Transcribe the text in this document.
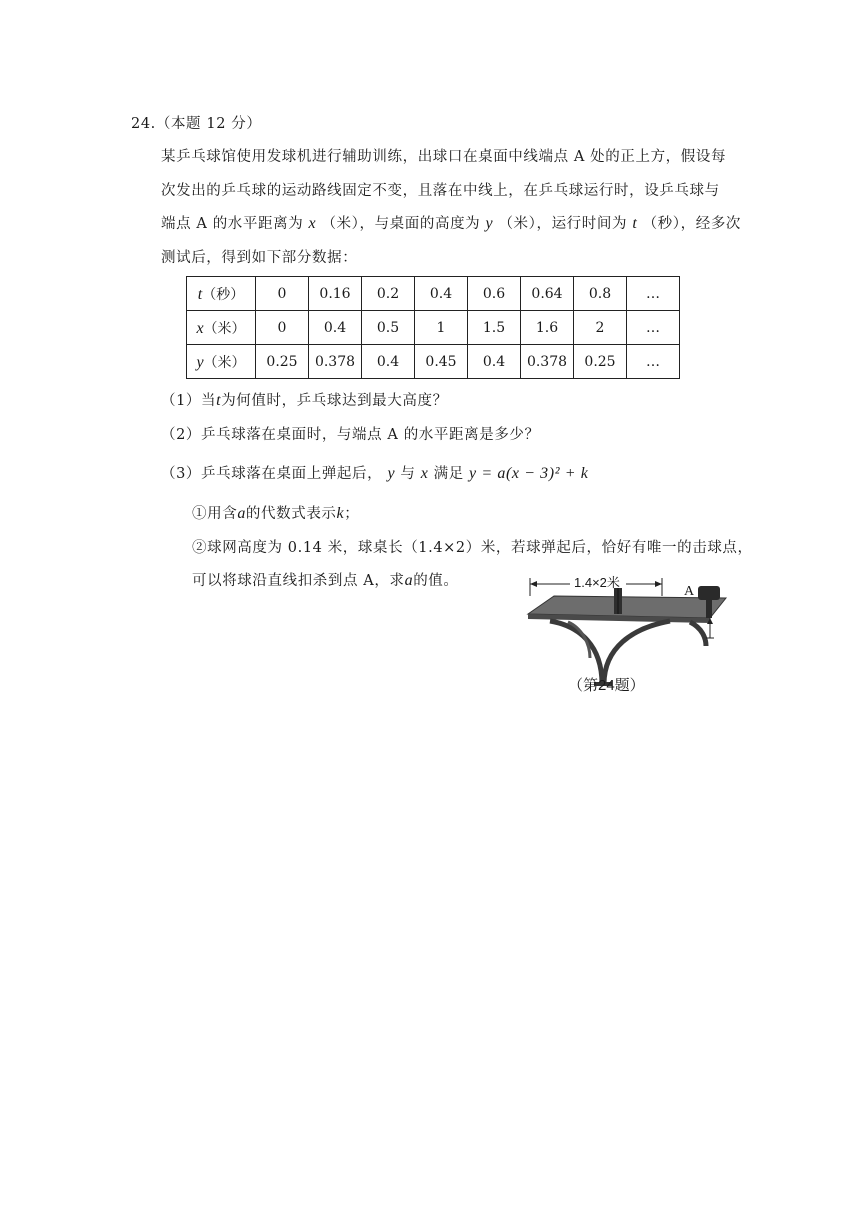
24.（本题 12 分）
某乒乓球馆使用发球机进行辅助训练，出球口在桌面中线端点 A 处的正上方，假设每
次发出的乒乓球的运动路线固定不变，且落在中线上，在乒乓球运行时，设乒乓球与
端点 A 的水平距离为 x （米），与桌面的高度为 y （米），运行时间为 t （秒），经多次
测试后，得到如下部分数据：
t（秒）	0	0.16	0.2	0.4	0.6	0.64	0.8	…
x（米）	0	0.4	0.5	1	1.5	1.6	2	…
y（米）	0.25	0.378	0.4	0.45	0.4	0.378	0.25	…
（1）当t为何值时，乒乓球达到最大高度？
（2）乒乓球落在桌面时，与端点 A 的水平距离是多少？
（3）乒乓球落在桌面上弹起后， y 与 x 满足 y = a(x − 3)² + k
①用含a的代数式表示k；
②球网高度为 0.14 米，球桌长（1.4×2）米，若球弹起后，恰好有唯一的击球点，
可以将球沿直线扣杀到点 A，求a的值。	1.4×2米
A
（第24题）
